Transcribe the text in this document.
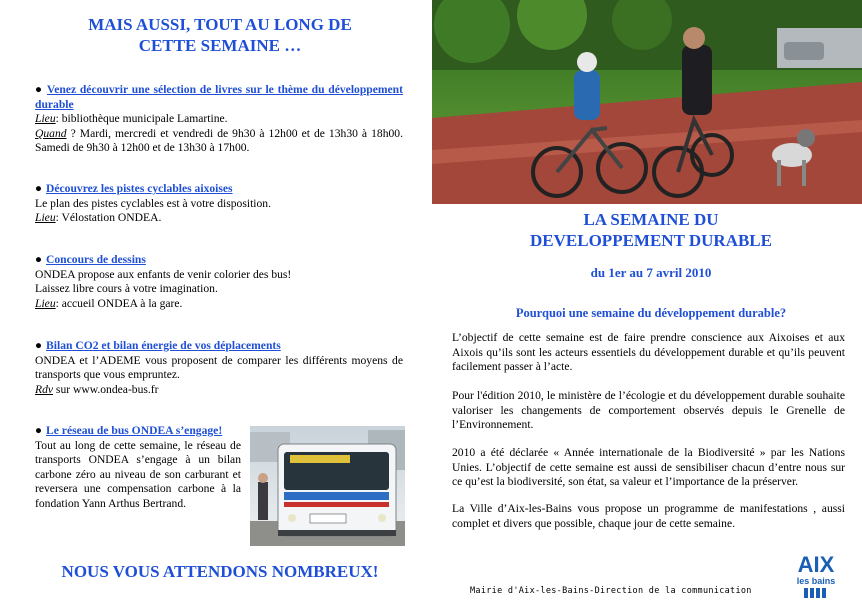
MAIS AUSSI, TOUT AU LONG DE
CETTE SEMAINE …
● Venez découvrir une sélection de livres sur le thème du développement durable
Lieu: bibliothèque municipale Lamartine.
Quand ? Mardi, mercredi et vendredi de 9h30 à 12h00 et de 13h30 à 18h00. Samedi de 9h30 à 12h00 et de 13h30 à 17h00.
● Découvrez les pistes cyclables aixoises
Le plan des pistes cyclables est à votre disposition.
Lieu: Vélostation ONDEA.
● Concours de dessins
ONDEA propose aux enfants de venir colorier des bus!
Laissez libre cours à votre imagination.
Lieu: accueil ONDEA à la gare.
● Bilan CO2 et bilan énergie de vos déplacements
ONDEA et l’ADEME vous proposent de comparer les différents moyens de transports que vous empruntez.
Rdv sur www.ondea-bus.fr
● Le réseau de bus ONDEA s’engage!
Tout au long de cette semaine, le réseau de transports ONDEA s’engage à un bilan carbone zéro au niveau de son carburant et reversera une compensation carbone à la fondation Yann Arthus Bertrand.
NOUS VOUS ATTENDONS NOMBREUX!
LA SEMAINE DU
DEVELOPPEMENT DURABLE
du 1er au 7 avril 2010
Pourquoi une semaine du développement durable?
L’objectif de cette semaine est de faire prendre conscience aux Aixoises et aux Aixois qu’ils sont les acteurs essentiels du développement durable et qu’ils peuvent facilement passer à l’acte.
Pour l'édition 2010, le ministère de l’écologie et du développement durable souhaite valoriser les changements de comportement observés depuis le Grenelle de l’Environnement.
2010 a été déclarée « Année internationale de la Biodiversité » par les Nations Unies. L’objectif de cette semaine est aussi de sensibiliser chacun d’entre nous sur ce qu’est la biodiversité, son état, sa valeur et l’importance de la préserver.
La Ville d’Aix-les-Bains vous propose un programme de manifestations , aussi complet et divers que possible, chaque jour de cette semaine.
Mairie d'Aix-les-Bains-Direction de la communication
AIX
les bains
